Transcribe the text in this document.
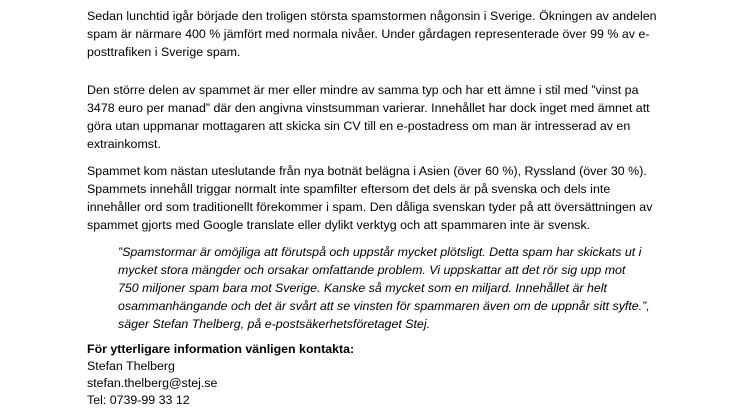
Sedan lunchtid igår började den troligen största spamstormen någonsin i Sverige. Ökningen av andelen
spam är närmare 400 % jämfört med normala nivåer. Under gårdagen representerade över 99 % av e-
posttrafiken i Sverige spam.

Den större delen av spammet är mer eller mindre av samma typ och har ett ämne i stil med ”vinst pa
3478 euro per manad” där den angivna vinstsumman varierar. Innehållet har dock inget med ämnet att
göra utan uppmanar mottagaren att skicka sin CV till en e-postadress om man är intresserad av en
extrainkomst.

Spammet kom nästan uteslutande från nya botnät belägna i Asien (över 60 %), Ryssland (över 30 %).
Spammets innehåll triggar normalt inte spamfilter eftersom det dels är på svenska och dels inte
innehåller ord som traditionellt förekommer i spam. Den dåliga svenskan tyder på att översättningen av
spammet gjorts med Google translate eller dylikt verktyg och att spammaren inte är svensk.

”Spamstormar är omöjliga att förutspå och uppstår mycket plötsligt. Detta spam har skickats ut i
mycket stora mängder och orsakar omfattande problem. Vi uppskattar att det rör sig upp mot
750 miljoner spam bara mot Sverige. Kanske så mycket som en miljard. Innehållet är helt
osammanhängande och det är svårt att se vinsten för spammaren även om de uppnår sitt syfte.”,
säger Stefan Thelberg, på e-postsäkerhetsföretaget Stej.
För ytterligare information vänligen kontakta:
Stefan Thelberg
stefan.thelberg@stej.se
Tel: 0739-99 33 12
